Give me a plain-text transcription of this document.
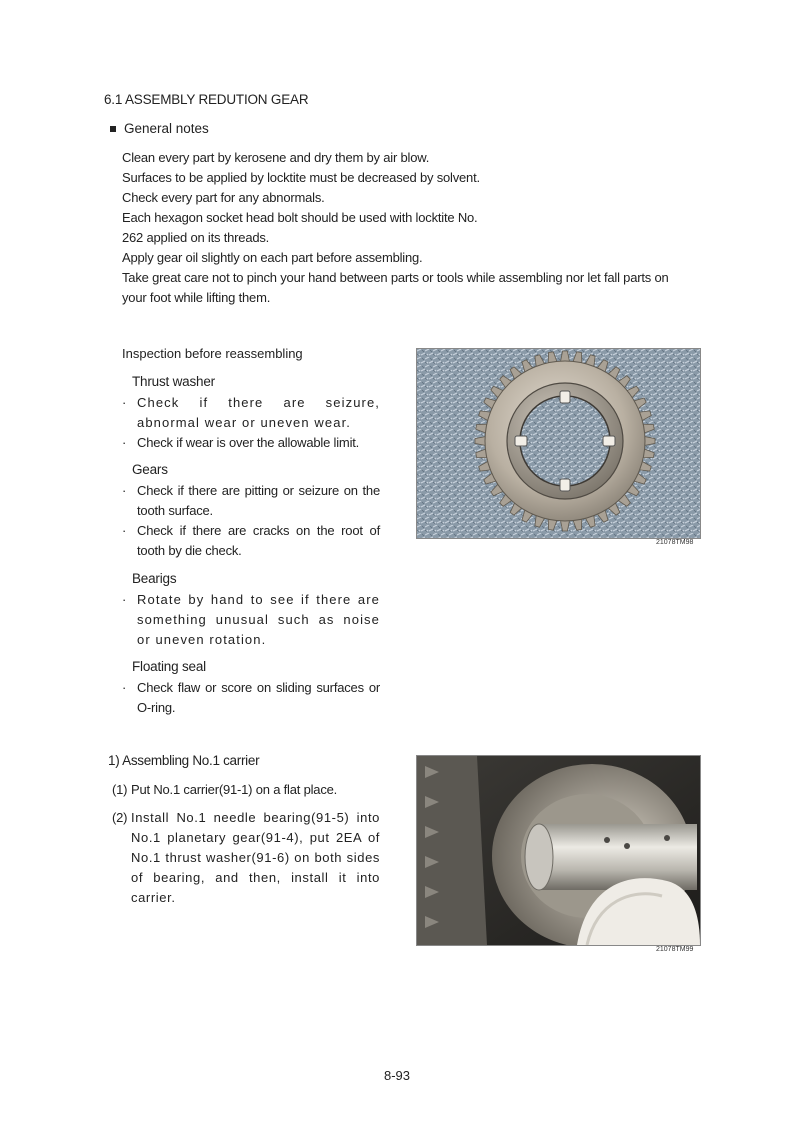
6.1 ASSEMBLY REDUTION GEAR
General notes
Clean every part by kerosene and dry them by air blow.
Surfaces to be applied by locktite must be decreased by solvent.
Check every part for any abnormals.
Each hexagon socket head bolt should be used with locktite No.
262 applied on its threads.
Apply gear oil slightly on each part before assembling.
Take great care not to pinch your hand between parts or tools while assembling nor let fall parts on
your foot while lifting them.
Inspection before reassembling
Thrust washer
· Check if there are seizure, abnormal wear or uneven wear.
· Check if wear is over the allowable limit.
Gears
· Check if there are pitting or seizure on the tooth surface.
· Check if there are cracks on the root of tooth by die check.
Bearigs
· Rotate by hand to see if there are something unusual such as noise or uneven rotation.
Floating seal
· Check flaw or score on sliding surfaces or O-ring.
21078TM98
1) Assembling No.1 carrier
(1) Put No.1 carrier(91-1) on a flat place.
(2) Install No.1 needle bearing(91-5) into No.1 planetary gear(91-4), put 2EA of No.1 thrust washer(91-6) on both sides of bearing, and then, install it into carrier.
21078TM99
8-93
